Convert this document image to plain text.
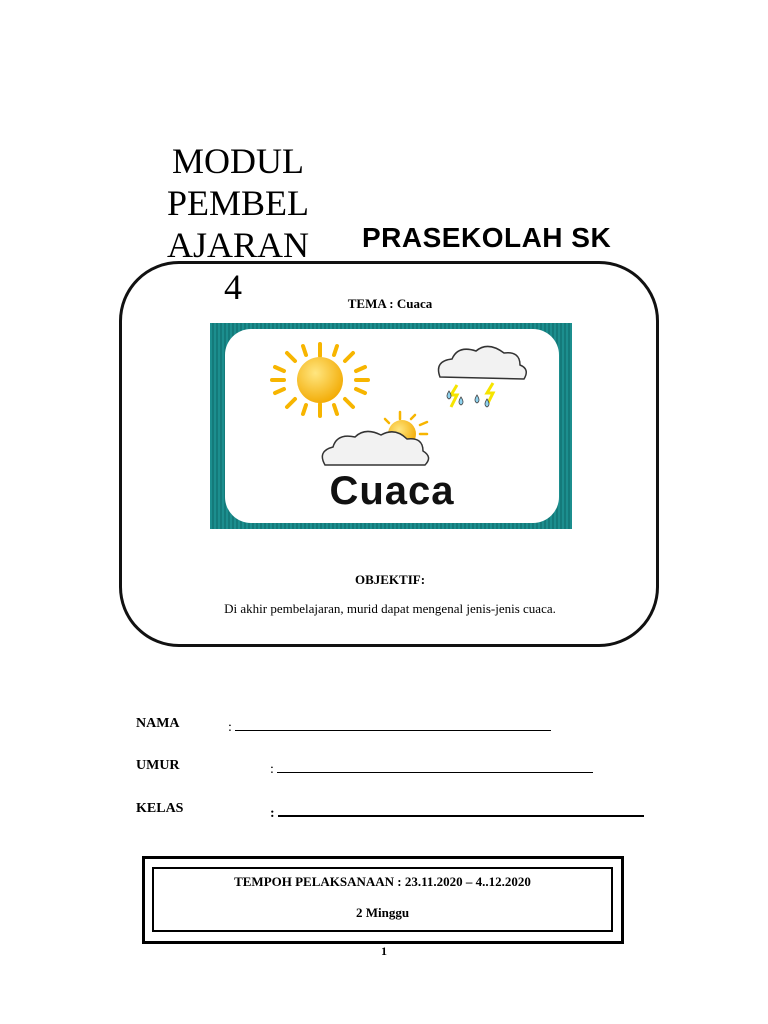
MODUL
PEMBEL
AJARAN
4
PRASEKOLAH SK
TEMA : Cuaca
Cuaca
OBJEKTIF:
Di akhir pembelajaran, murid dapat mengenal jenis-jenis cuaca.
NAMA	:
UMUR	:
KELAS	:
TEMPOH PELAKSANAAN : 23.11.2020 – 4..12.2020
2 Minggu
1
